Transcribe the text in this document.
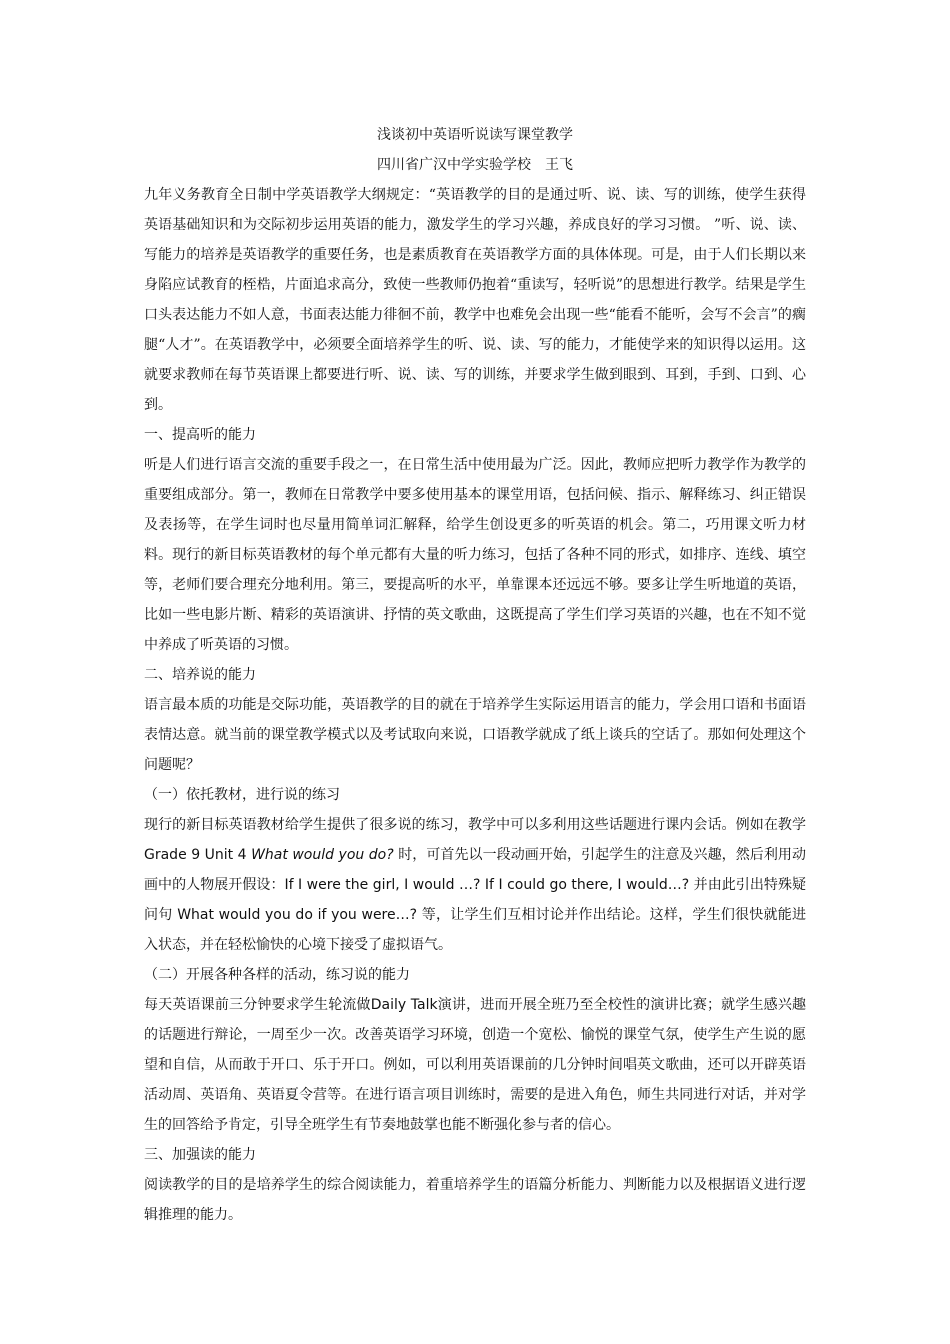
浅谈初中英语听说读写课堂教学
四川省广汉中学实验学校　王飞

九年义务教育全日制中学英语教学大纲规定：“英语教学的目的是通过听、说、读、写的训练，使学生获得英语基础知识和为交际初步运用英语的能力，激发学生的学习兴趣，养成良好的学习习惯。 ”听、说、读、写能力的培养是英语教学的重要任务，也是素质教育在英语教学方面的具体体现。可是，由于人们长期以来身陷应试教育的桎梏，片面追求高分，致使一些教师仍抱着“重读写，轻听说”的思想进行教学。结果是学生口头表达能力不如人意，书面表达能力徘徊不前，教学中也难免会出现一些“能看不能听，会写不会言”的瘸腿“人才”。在英语教学中，必须要全面培养学生的听、说、读、写的能力，才能使学来的知识得以运用。这就要求教师在每节英语课上都要进行听、说、读、写的训练，并要求学生做到眼到、耳到，手到、口到、心到。

一、提高听的能力

听是人们进行语言交流的重要手段之一，在日常生活中使用最为广泛。因此，教师应把听力教学作为教学的重要组成部分。第一，教师在日常教学中要多使用基本的课堂用语，包括问候、指示、解释练习、纠正错误及表扬等，在学生词时也尽量用简单词汇解释，给学生创设更多的听英语的机会。第二，巧用课文听力材料。现行的新目标英语教材的每个单元都有大量的听力练习，包括了各种不同的形式，如排序、连线、填空等，老师们要合理充分地利用。第三，要提高听的水平，单靠课本还远远不够。要多让学生听地道的英语，比如一些电影片断、精彩的英语演讲、抒情的英文歌曲，这既提高了学生们学习英语的兴趣，也在不知不觉中养成了听英语的习惯。

二、培养说的能力

语言最本质的功能是交际功能，英语教学的目的就在于培养学生实际运用语言的能力，学会用口语和书面语表情达意。就当前的课堂教学模式以及考试取向来说，口语教学就成了纸上谈兵的空话了。那如何处理这个问题呢？

（一）依托教材，进行说的练习

现行的新目标英语教材给学生提供了很多说的练习，教学中可以多利用这些话题进行课内会话。例如在教学Grade 9 Unit 4 What would you do? 时，可首先以一段动画开始，引起学生的注意及兴趣，然后利用动画中的人物展开假设：If I were the girl, I would …? If I could go there, I would…? 并由此引出特殊疑问句 What would you do if you were…? 等，让学生们互相讨论并作出结论。这样，学生们很快就能进入状态，并在轻松愉快的心境下接受了虚拟语气。

（二）开展各种各样的活动，练习说的能力

每天英语课前三分钟要求学生轮流做Daily Talk演讲，进而开展全班乃至全校性的演讲比赛；就学生感兴趣的话题进行辩论，一周至少一次。改善英语学习环境，创造一个宽松、愉悦的课堂气氛，使学生产生说的愿望和自信，从而敢于开口、乐于开口。例如，可以利用英语课前的几分钟时间唱英文歌曲，还可以开辟英语活动周、英语角、英语夏令营等。在进行语言项目训练时，需要的是进入角色，师生共同进行对话，并对学生的回答给予肯定，引导全班学生有节奏地鼓掌也能不断强化参与者的信心。

三、加强读的能力

阅读教学的目的是培养学生的综合阅读能力，着重培养学生的语篇分析能力、判断能力以及根据语义进行逻辑推理的能力。
